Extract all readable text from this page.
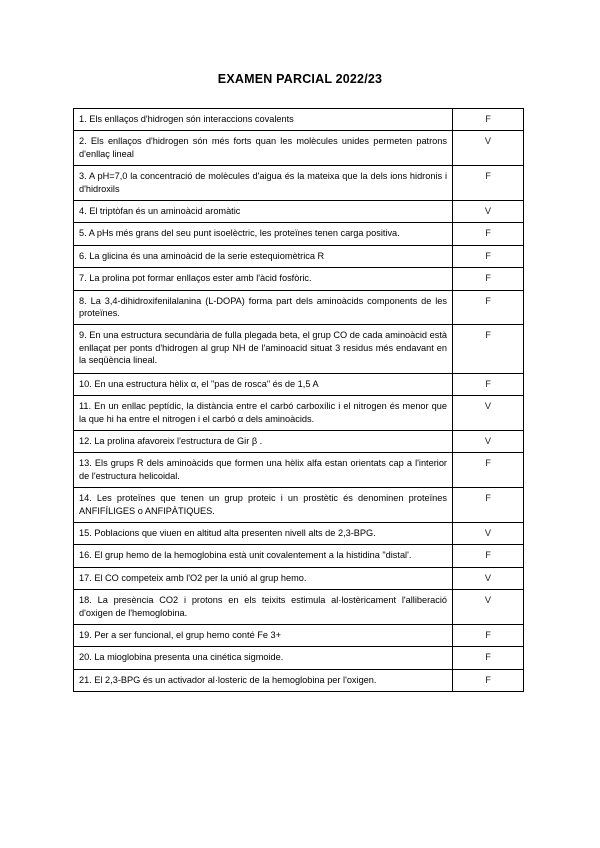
EXAMEN PARCIAL 2022/23
1. Els enllaços d'hidrogen són interaccions covalents	F
2. Els enllaços d'hidrogen són més forts quan les molècules unides permeten patrons d'enllaç lineal	V
3. A pH=7,0 la concentració de molècules d'aigua és la mateixa que la dels ions hidronis i d'hidroxils	F
4. El triptòfan és un aminoàcid aromàtic	V
5. A pHs més grans del seu punt isoelèctric, les proteïnes tenen carga positiva.	F
6. La glicina és una aminoàcid de la serie estequiomètrica R	F
7. La prolina pot formar enllaços ester amb l'àcid fosfòric.	F
8. La 3,4-dihidroxifenilalanina (L-DOPA) forma part dels aminoàcids components de les proteïnes.	F
9. En una estructura secundària de fulla plegada beta, el grup CO de cada aminoàcid està enllaçat per ponts d'hidrogen al grup NH de l'aminoacid situat 3 residus més endavant en la seqüència lineal.	F
10. En una estructura hèlix α, el "pas de rosca" és de 1,5 A	F
11. En un enllac peptídic, la distància entre el carbó carboxílic i el nitrogen és menor que la que hi ha entre el nitrogen i el carbó α dels aminoàcids.	V
12. La prolina afavoreix l'estructura de Gir β .	V
13. Els grups R dels aminoàcids que formen una hèlix alfa estan orientats cap a l'interior de l'estructura helicoidal.	F
14. Les proteïnes que tenen un grup proteic i un prostètic és denominen proteïnes ANFIFÍLIGES o ANFIPÀTIQUES.	F
15. Poblacions que viuen en altitud alta presenten nivell alts de 2,3-BPG.	V
16. El grup hemo de la hemoglobina està unit covalentement a la histidina "distal'.	F
17. El CO competeix amb l'O2 per la unió al grup hemo.	V
18. La presència CO2 i protons en els teixits estimula al·lostèricament l'alliberació d'oxigen de l'hemoglobina.	V
19. Per a ser funcional, el grup hemo conté Fe 3+	F
20. La mioglobina presenta una cinética sigmoide.	F
21. El 2,3-BPG és un activador al·losteric de la hemoglobina per l'oxigen.	F
